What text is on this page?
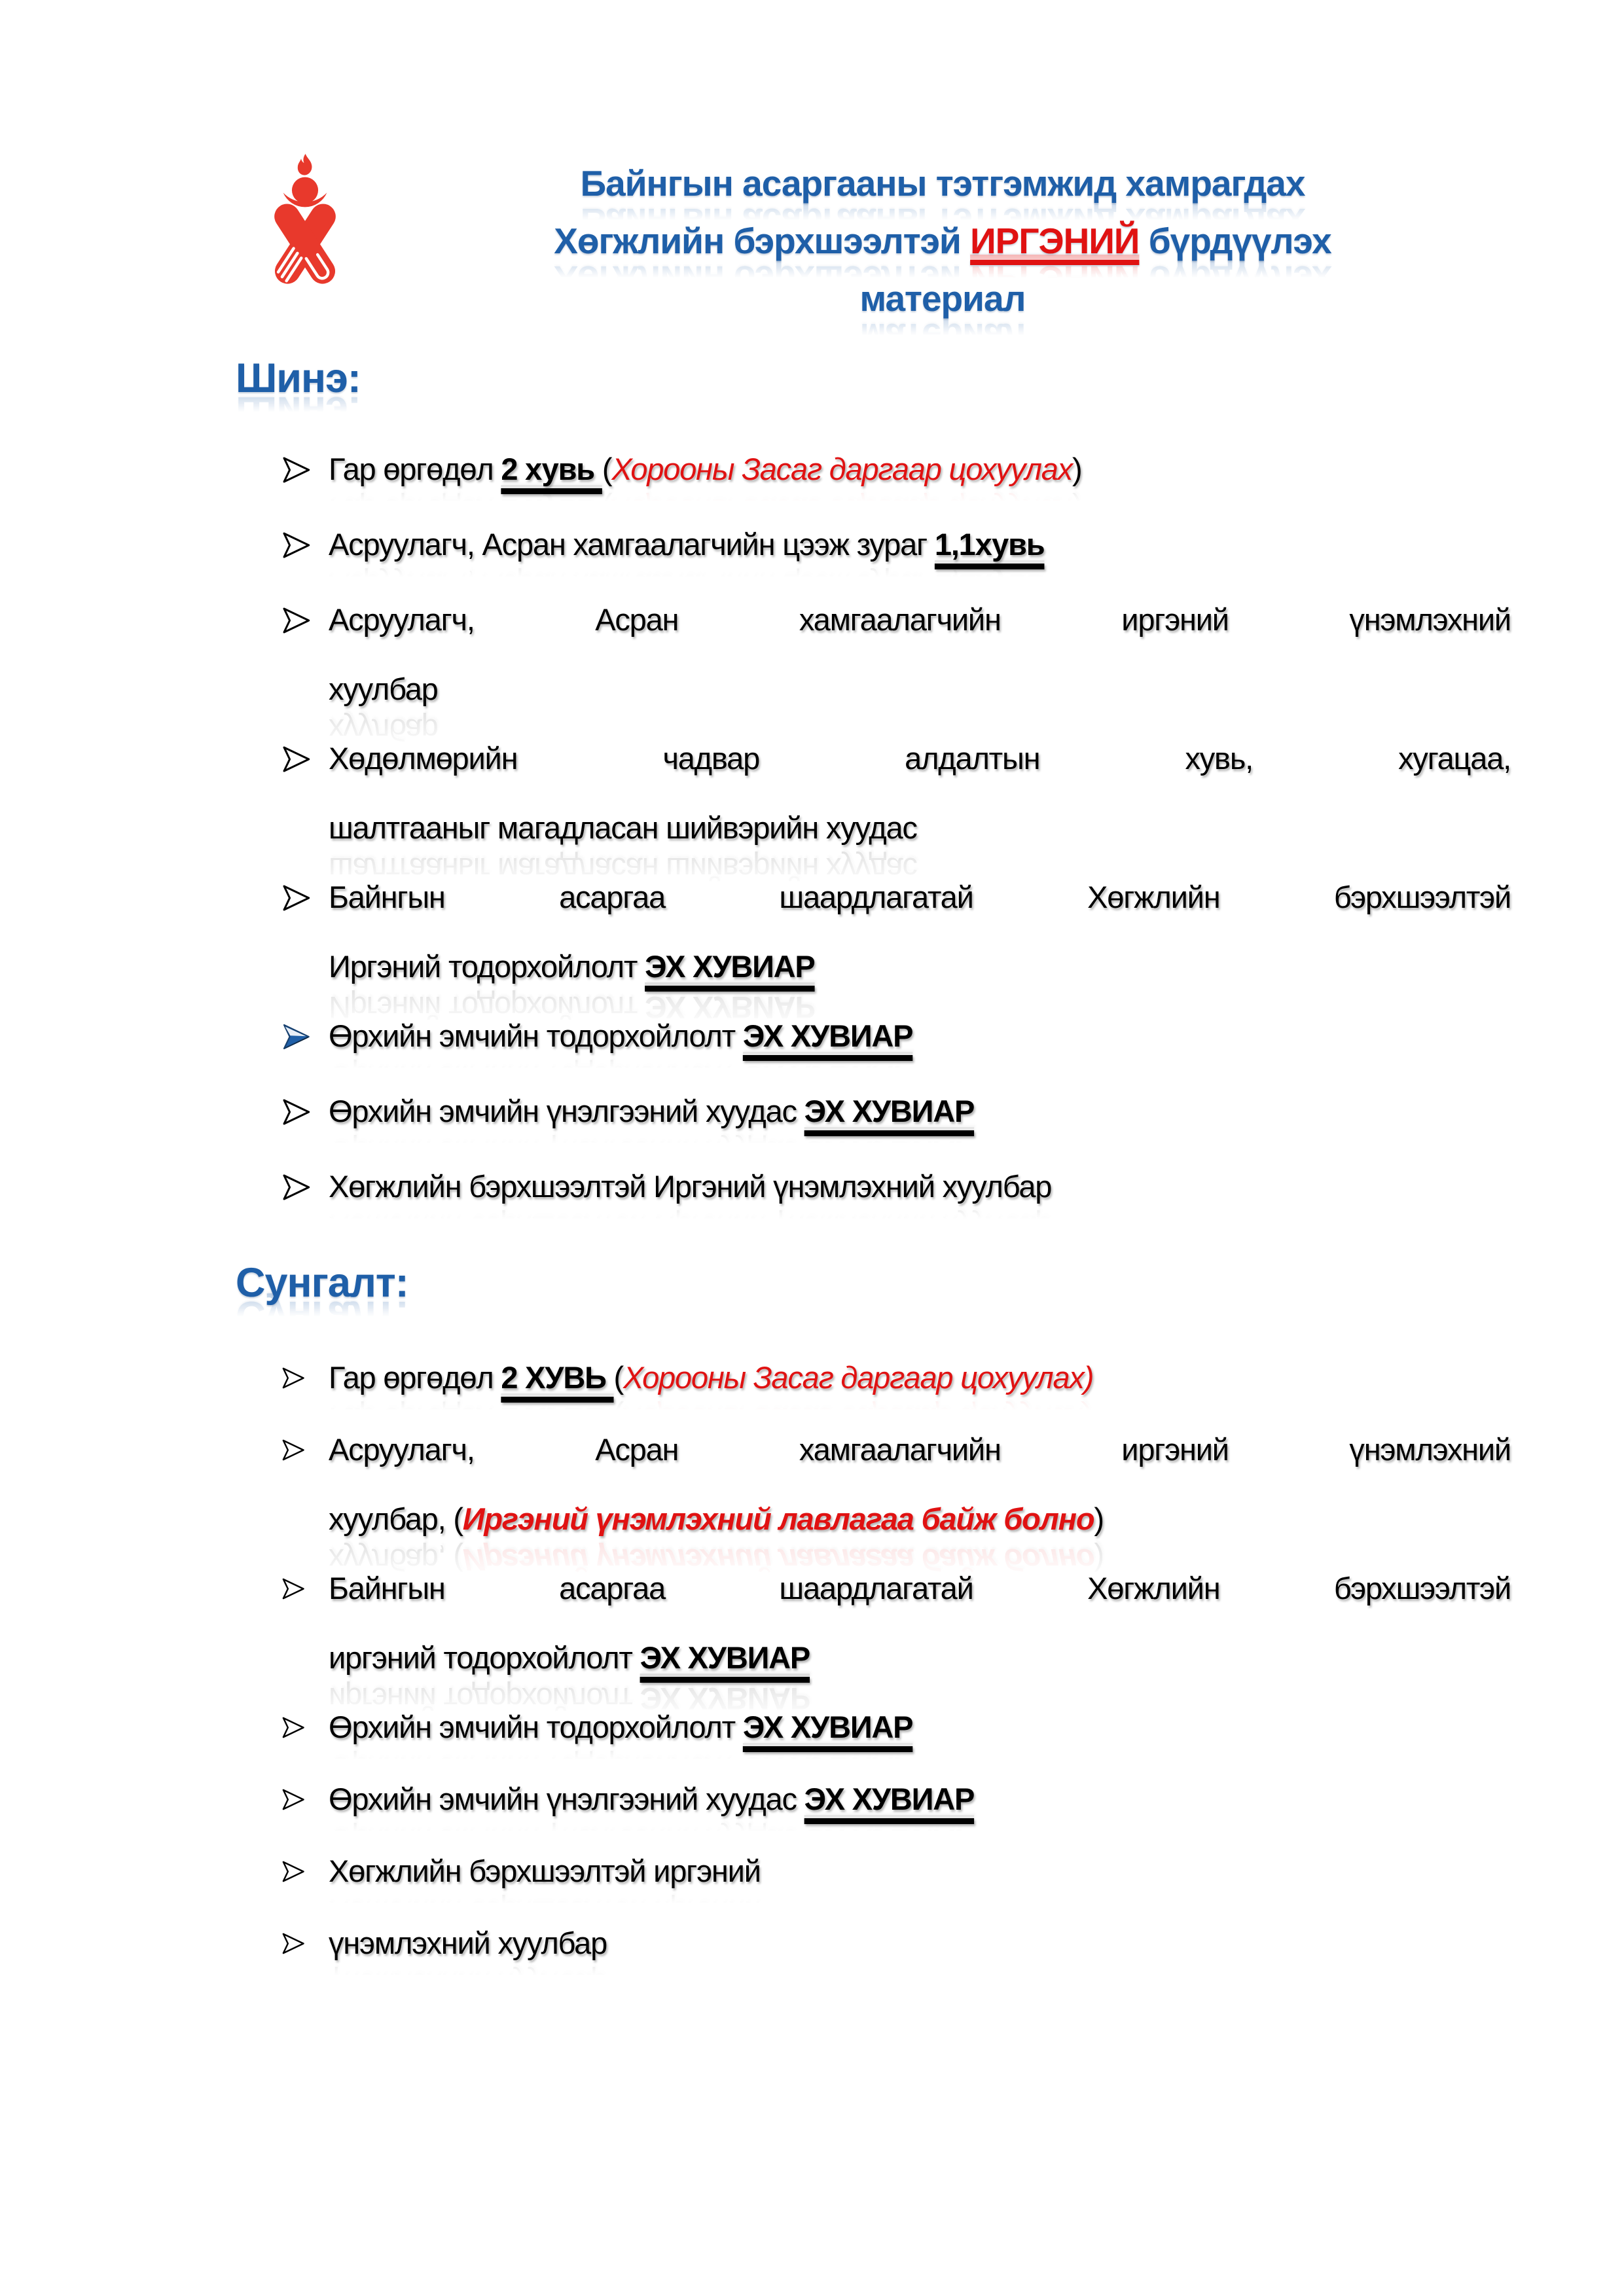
Байнгын асаргааны тэтгэмжид хамрагдах
Хөгжлийн бэрхшээлтэй ИРГЭНИЙ бүрдүүлэх
материал
Шинэ:
Гар өргөдөл 2 хувь (Хорооны Засаг даргаар цохуулах)
Асруулагч, Асран хамгаалагчийн цээж зураг 1,1хувь
Асруулагч, Асран хамгаалагчийн иргэний үнэмлэхний
хуулбар
Хөдөлмөрийн чадвар алдалтын хувь, хугацаа,
шалтгааныг магадласан шийвэрийн хуудас
Байнгын асаргаа шаардлагатай Хөгжлийн бэрхшээлтэй
Иргэний тодорхойлолт ЭХ ХУВИАР
Өрхийн эмчийн тодорхойлолт ЭХ ХУВИАР
Өрхийн эмчийн үнэлгээний хуудас ЭХ ХУВИАР
Хөгжлийн бэрхшээлтэй Иргэний үнэмлэхний хуулбар
Сунгалт:
Гар өргөдөл 2 ХУВЬ (Хорооны Засаг даргаар цохуулах)
Асруулагч, Асран хамгаалагчийн иргэний үнэмлэхний
хуулбар, (Иргэний үнэмлэхний лавлагаа байж болно)
Байнгын асаргаа шаардлагатай Хөгжлийн бэрхшээлтэй
иргэний тодорхойлолт ЭХ ХУВИАР
Өрхийн эмчийн тодорхойлолт ЭХ ХУВИАР
Өрхийн эмчийн үнэлгээний хуудас ЭХ ХУВИАР
Хөгжлийн бэрхшээлтэй иргэний
үнэмлэхний хуулбар
